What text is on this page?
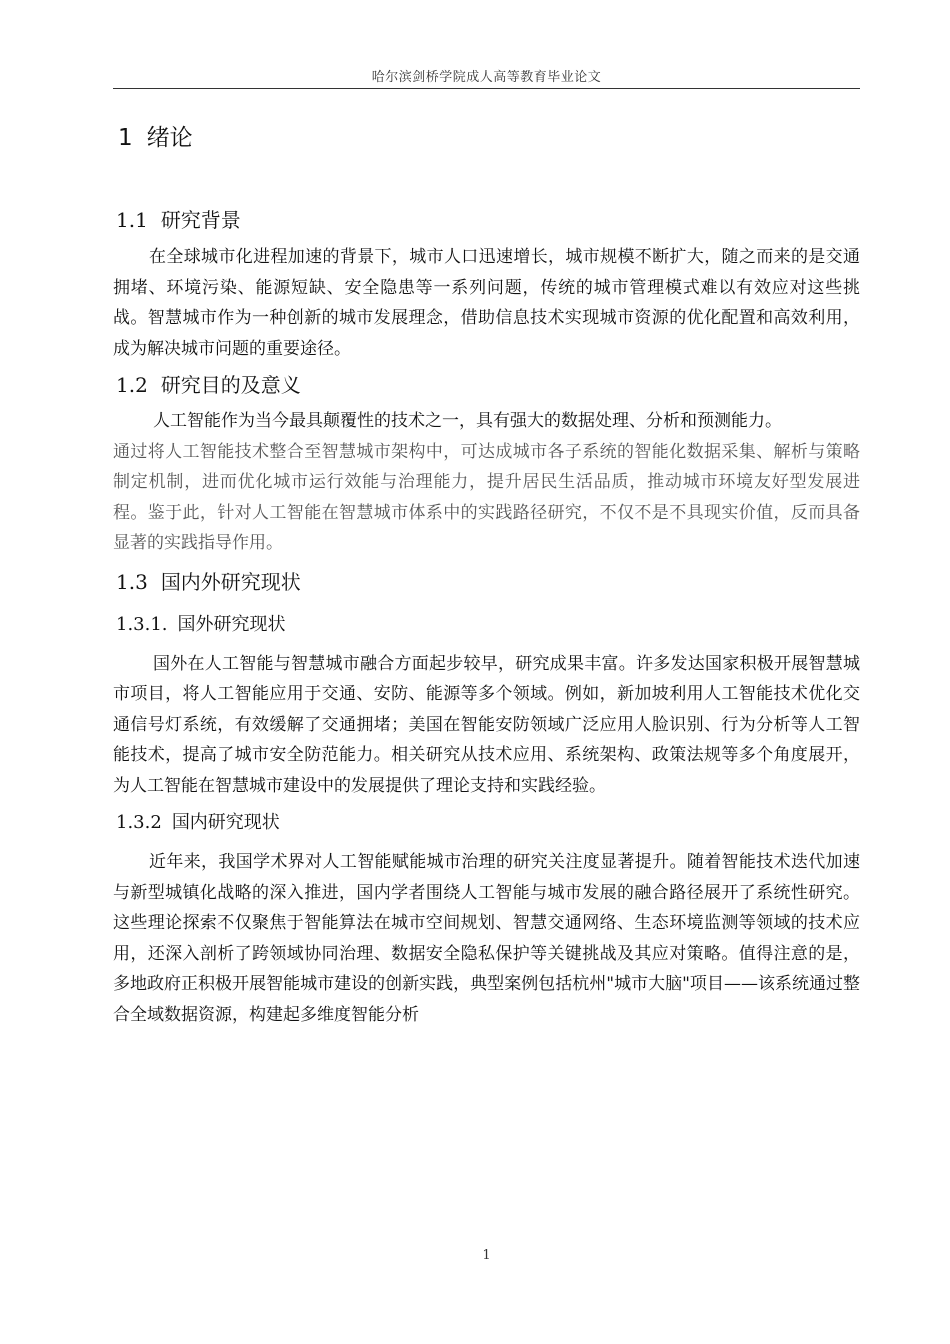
哈尔滨剑桥学院成人高等教育毕业论文
1 绪论
1.1 研究背景

在全球城市化进程加速的背景下，城市人口迅速增长，城市规模不断扩大，随之而来的是交通拥堵、环境污染、能源短缺、安全隐患等一系列问题，传统的城市管理模式难以有效应对这些挑战。智慧城市作为一种创新的城市发展理念，借助信息技术实现城市资源的优化配置和高效利用，成为解决城市问题的重要途径。

1.2 研究目的及意义

人工智能作为当今最具颠覆性的技术之一，具有强大的数据处理、分析和预测能力。

通过将人工智能技术整合至智慧城市架构中，可达成城市各子系统的智能化数据采集、解析与策略制定机制，进而优化城市运行效能与治理能力，提升居民生活品质，推动城市环境友好型发展进程。鉴于此，针对人工智能在智慧城市体系中的实践路径研究，不仅不是不具现实价值，反而具备显著的实践指导作用。

1.3 国内外研究现状
1.3.1. 国外研究现状

国外在人工智能与智慧城市融合方面起步较早，研究成果丰富。许多发达国家积极开展智慧城市项目，将人工智能应用于交通、安防、能源等多个领域。例如，新加坡利用人工智能技术优化交通信号灯系统，有效缓解了交通拥堵；美国在智能安防领域广泛应用人脸识别、行为分析等人工智能技术，提高了城市安全防范能力。相关研究从技术应用、系统架构、政策法规等多个角度展开，为人工智能在智慧城市建设中的发展提供了理论支持和实践经验。

1.3.2 国内研究现状

近年来，我国学术界对人工智能赋能城市治理的研究关注度显著提升。随着智能技术迭代加速与新型城镇化战略的深入推进，国内学者围绕人工智能与城市发展的融合路径展开了系统性研究。这些理论探索不仅聚焦于智能算法在城市空间规划、智慧交通网络、生态环境监测等领域的技术应用，还深入剖析了跨领域协同治理、数据安全隐私保护等关键挑战及其应对策略。值得注意的是，多地政府正积极开展智能城市建设的创新实践，典型案例包括杭州"城市大脑"项目——该系统通过整合全域数据资源，构建起多维度智能分析

1
